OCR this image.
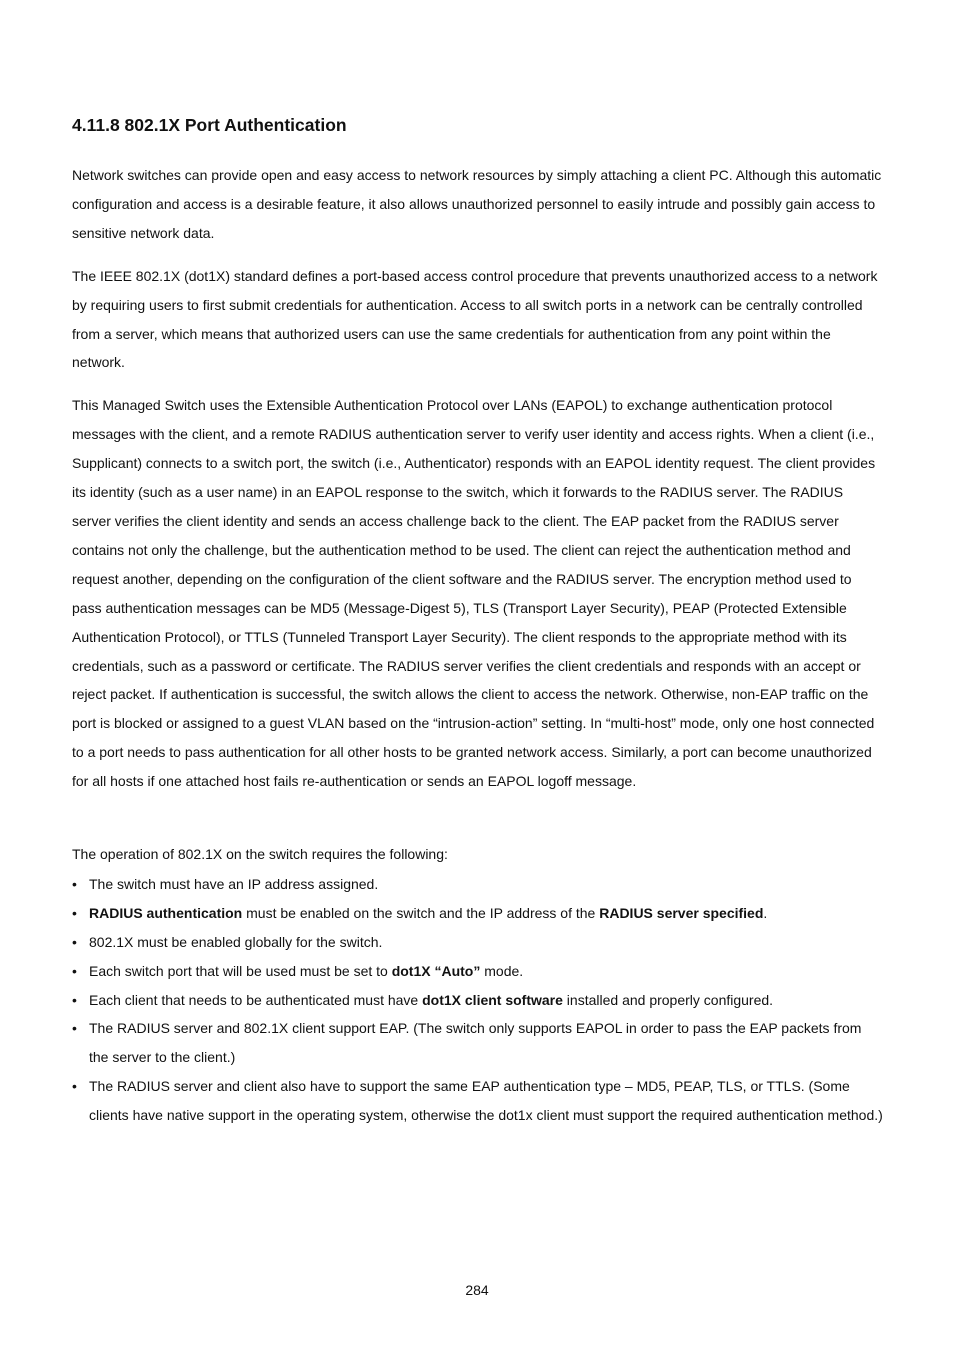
4.11.8 802.1X Port Authentication

Network switches can provide open and easy access to network resources by simply attaching a client PC. Although this automatic configuration and access is a desirable feature, it also allows unauthorized personnel to easily intrude and possibly gain access to sensitive network data.

The IEEE 802.1X (dot1X) standard defines a port-based access control procedure that prevents unauthorized access to a network by requiring users to first submit credentials for authentication. Access to all switch ports in a network can be centrally controlled from a server, which means that authorized users can use the same credentials for authentication from any point within the network.

This Managed Switch uses the Extensible Authentication Protocol over LANs (EAPOL) to exchange authentication protocol messages with the client, and a remote RADIUS authentication server to verify user identity and access rights. When a client (i.e., Supplicant) connects to a switch port, the switch (i.e., Authenticator) responds with an EAPOL identity request. The client provides its identity (such as a user name) in an EAPOL response to the switch, which it forwards to the RADIUS server. The RADIUS server verifies the client identity and sends an access challenge back to the client. The EAP packet from the RADIUS server contains not only the challenge, but the authentication method to be used. The client can reject the authentication method and request another, depending on the configuration of the client software and the RADIUS server. The encryption method used to pass authentication messages can be MD5 (Message-Digest 5), TLS (Transport Layer Security), PEAP (Protected Extensible Authentication Protocol), or TTLS (Tunneled Transport Layer Security). The client responds to the appropriate method with its credentials, such as a password or certificate. The RADIUS server verifies the client credentials and responds with an accept or reject packet. If authentication is successful, the switch allows the client to access the network. Otherwise, non-EAP traffic on the port is blocked or assigned to a guest VLAN based on the “intrusion-action” setting. In “multi-host” mode, only one host connected to a port needs to pass authentication for all other hosts to be granted network access. Similarly, a port can become unauthorized for all hosts if one attached host fails re-authentication or sends an EAPOL logoff message.

The operation of 802.1X on the switch requires the following:

• The switch must have an IP address assigned.
• RADIUS authentication must be enabled on the switch and the IP address of the RADIUS server specified.
• 802.1X must be enabled globally for the switch.
• Each switch port that will be used must be set to dot1X “Auto” mode.
• Each client that needs to be authenticated must have dot1X client software installed and properly configured.
• The RADIUS server and 802.1X client support EAP. (The switch only supports EAPOL in order to pass the EAP packets from the server to the client.)
• The RADIUS server and client also have to support the same EAP authentication type – MD5, PEAP, TLS, or TTLS. (Some clients have native support in the operating system, otherwise the dot1x client must support the required authentication method.)
284
